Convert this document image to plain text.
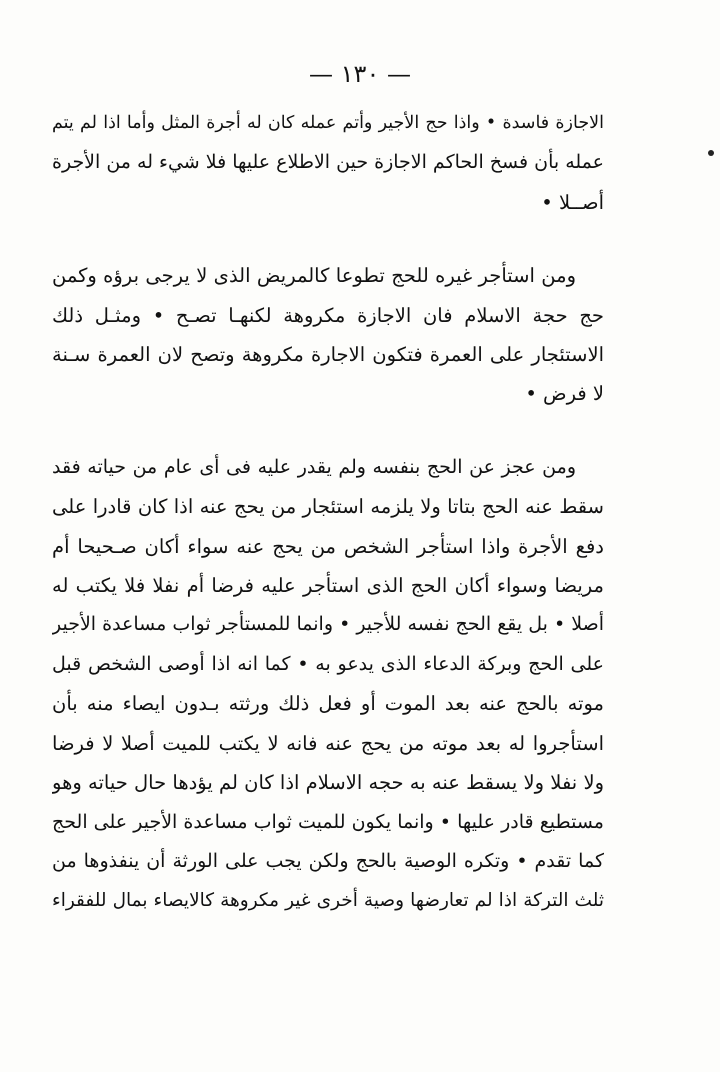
— ١٣٠ —

الاجازة فاسدة • واذا حج الأجير وأتم عمله كان له أجرة المثل وأما اذا لم يتم
عمله بأن فسخ الحاكم الاجازة حين الاطلاع عليها فلا شيء له من الأجرة
أصــلا •

ومن استأجر غيره للحج تطوعا كالمريض الذى لا يرجى برؤه وكمن
حج حجة الاسلام فان الاجازة مكروهة لكنهـا تصـح • ومثـل ذلك
الاستئجار على العمرة فتكون الاجارة مكروهة وتصح لان العمرة سـنة
لا فرض •

ومن عجز عن الحج بنفسه ولم يقدر عليه فى أى عام من حياته فقد
سقط عنه الحج بتاتا ولا يلزمه استئجار من يحج عنه اذا كان قادرا على
دفع الأجرة واذا استأجر الشخص من يحج عنه سواء أكان صـحيحا أم
مريضا وسواء أكان الحج الذى استأجر عليه فرضا أم نفلا فلا يكتب له
أصلا • بل يقع الحج نفسه للأجير • وانما للمستأجر ثواب مساعدة الأجير
على الحج وبركة الدعاء الذى يدعو به • كما انه اذا أوصى الشخص قبل
موته بالحج عنه بعد الموت أو فعل ذلك ورثته بـدون ايصاء منه بأن
استأجروا له بعد موته من يحج عنه فانه لا يكتب للميت أصلا لا فرضا
ولا نفلا ولا يسقط عنه به حجه الاسلام اذا كان لم يؤدها حال حياته وهو
مستطيع قادر عليها • وانما يكون للميت ثواب مساعدة الأجير على الحج
كما تقدم • وتكره الوصية بالحج ولكن يجب على الورثة أن ينفذوها من
ثلث التركة اذا لم تعارضها وصية أخرى غير مكروهة كالايصاء بمال للفقراء
